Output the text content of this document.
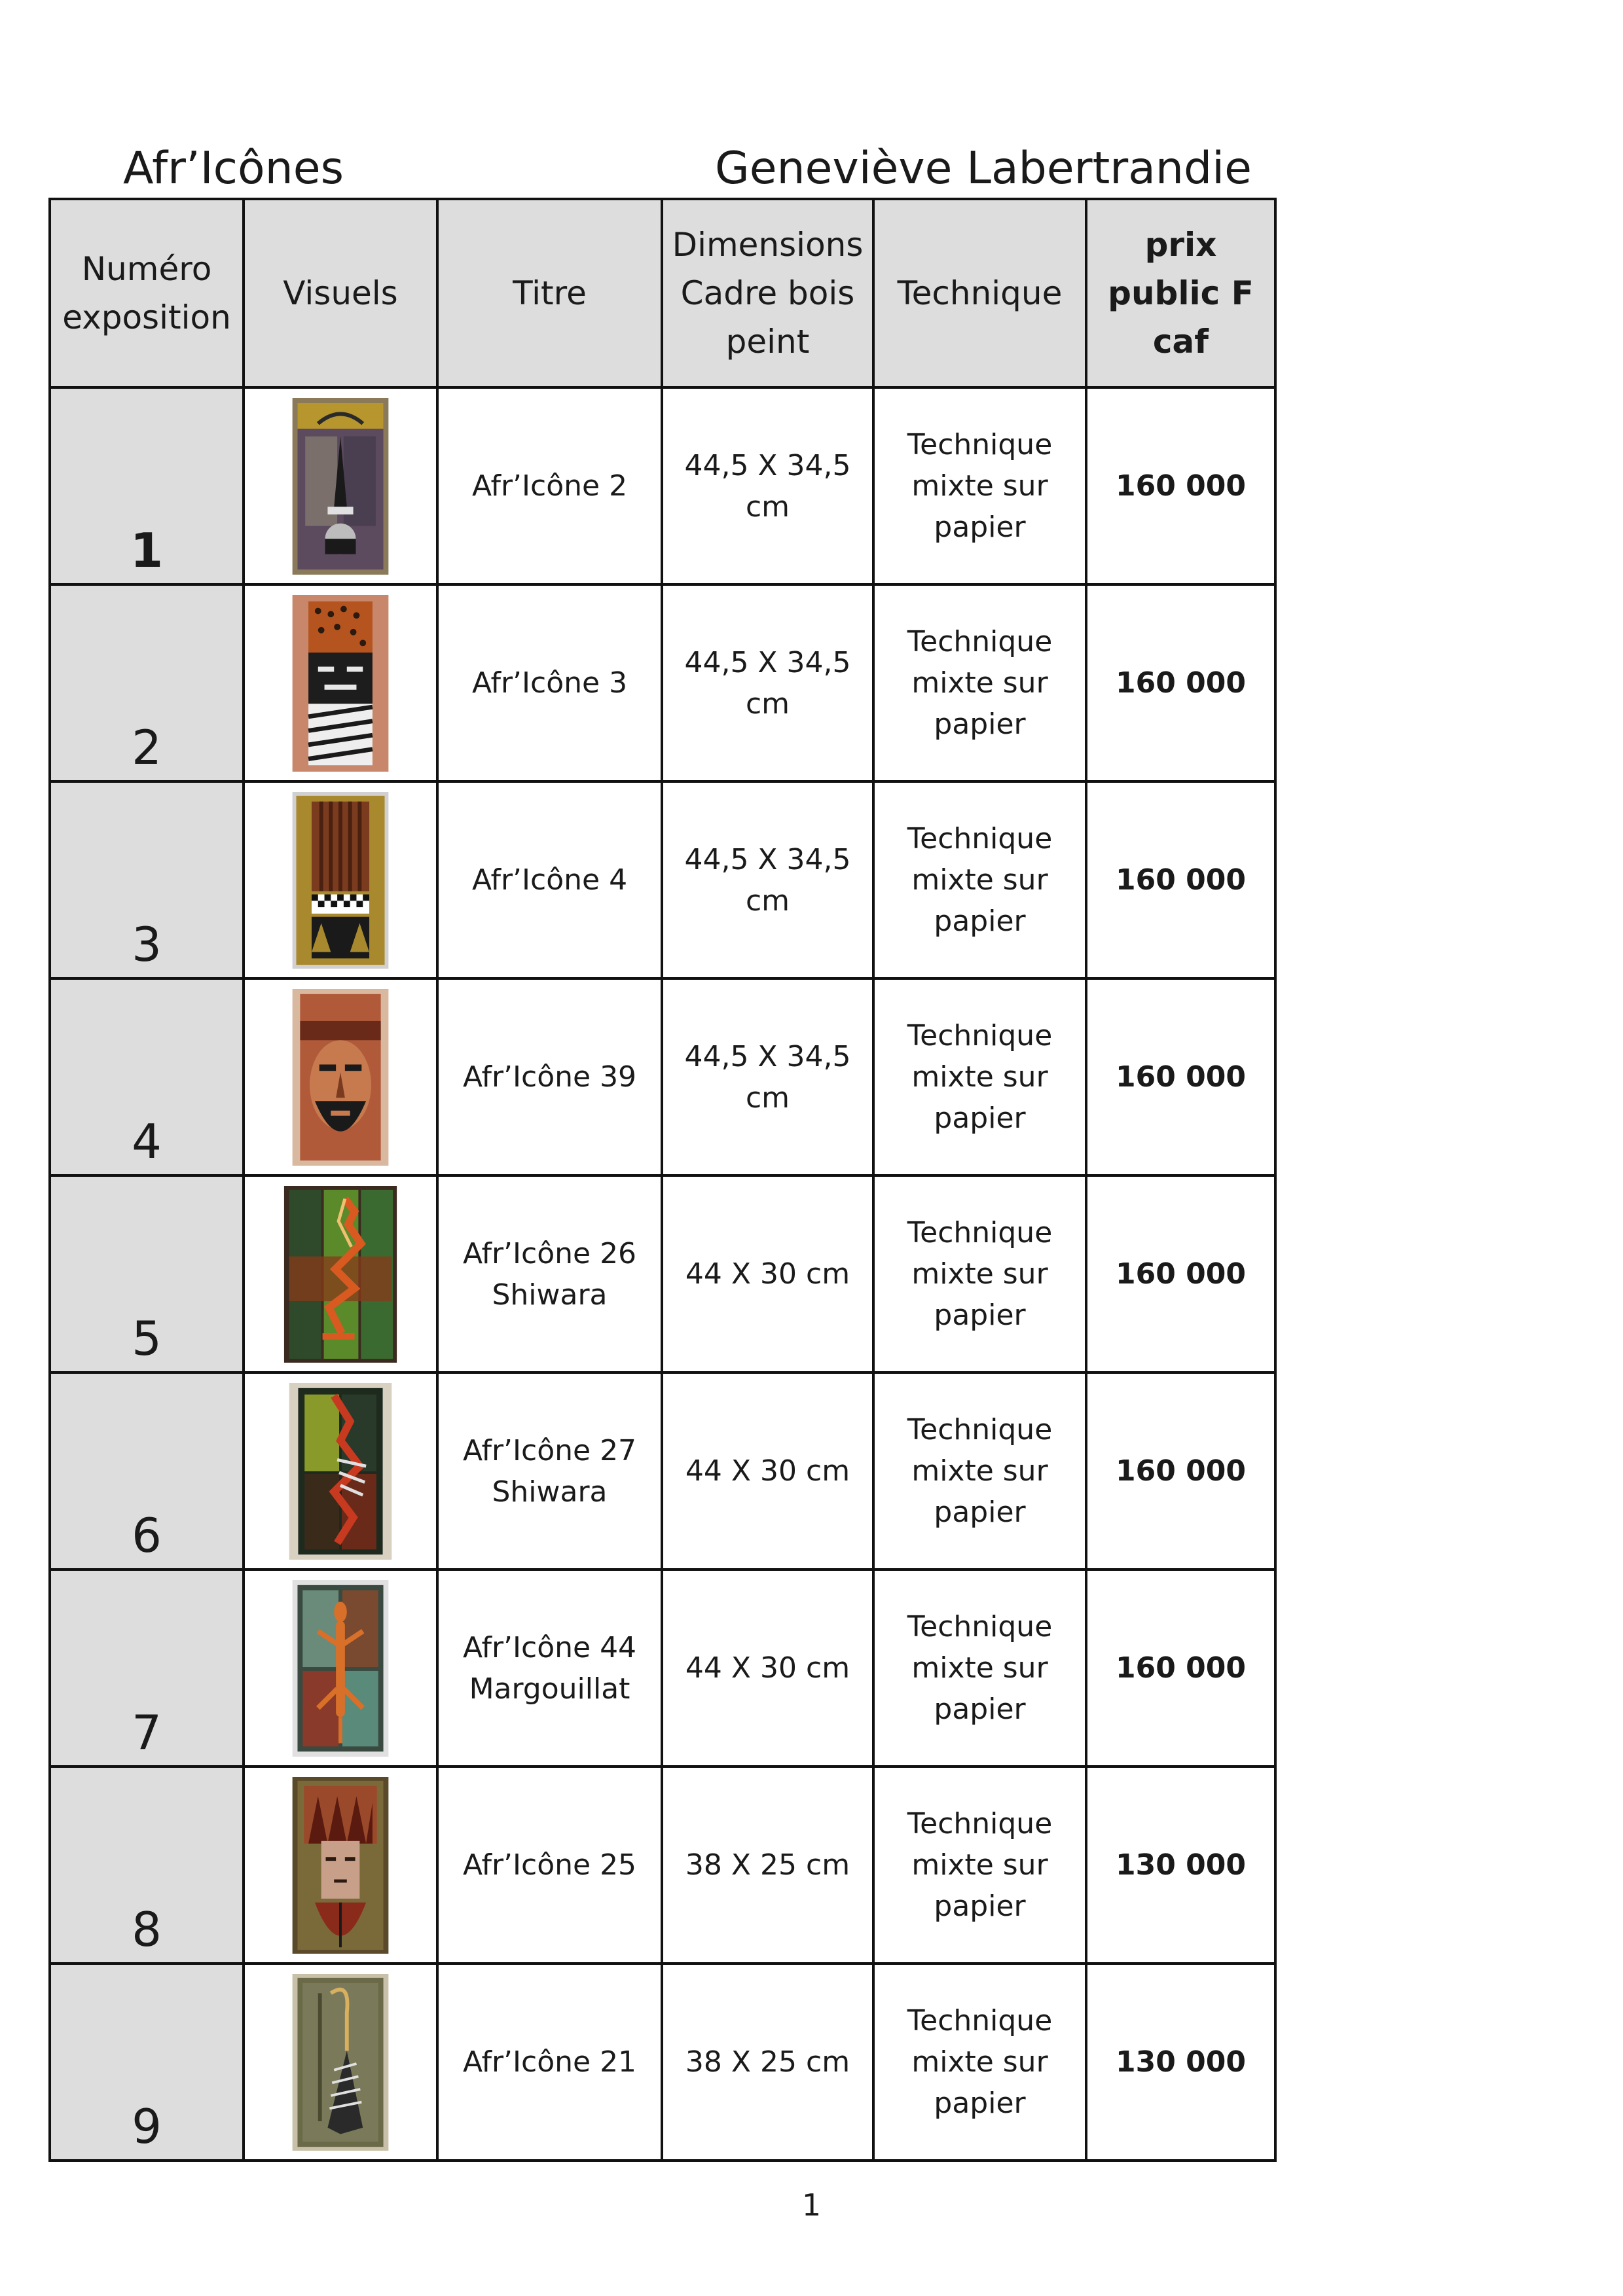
Afr’Icônes	Geneviève Labertrandie
Numéro exposition	Visuels	Titre	Dimensions Cadre bois peint	Technique	prix public F caf
1		Afr’Icône 2	44,5 X 34,5 cm	Technique mixte sur papier	160 000
2		Afr’Icône 3	44,5 X 34,5 cm	Technique mixte sur papier	160 000
3		Afr’Icône 4	44,5 X 34,5 cm	Technique mixte sur papier	160 000
4		Afr’Icône 39	44,5 X 34,5 cm	Technique mixte sur papier	160 000
5		Afr’Icône 26 Shiwara	44 X 30 cm	Technique mixte sur papier	160 000
6		Afr’Icône 27 Shiwara	44 X 30 cm	Technique mixte sur papier	160 000
7		Afr’Icône 44 Margouillat	44 X 30 cm	Technique mixte sur papier	160 000
8		Afr’Icône 25	38 X 25 cm	Technique mixte sur papier	130 000
9		Afr’Icône 21	38 X 25 cm	Technique mixte sur papier	130 000
1
